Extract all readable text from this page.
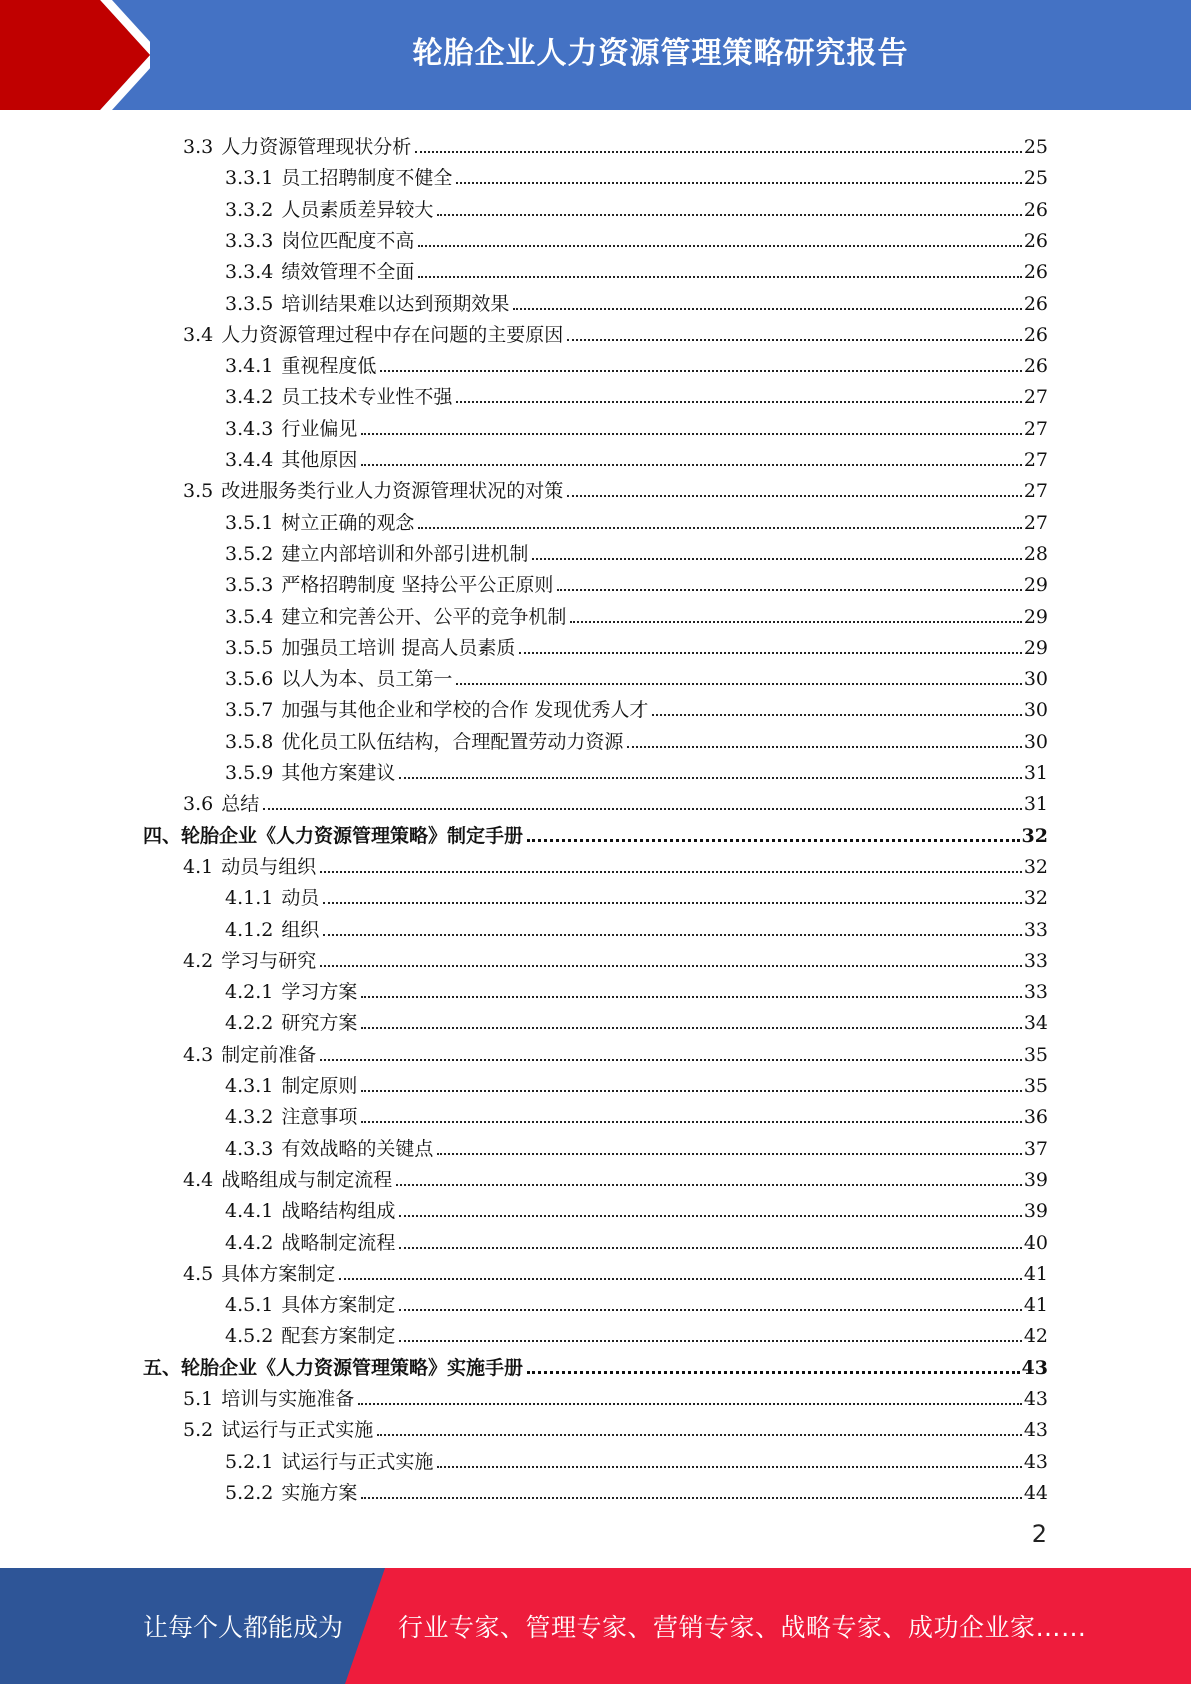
轮胎企业人力资源管理策略研究报告
3.3 人力资源管理现状分析	25
3.3.1 员工招聘制度不健全	25
3.3.2 人员素质差异较大	26
3.3.3 岗位匹配度不高	26
3.3.4 绩效管理不全面	26
3.3.5 培训结果难以达到预期效果	26
3.4 人力资源管理过程中存在问题的主要原因	26
3.4.1 重视程度低	26
3.4.2 员工技术专业性不强	27
3.4.3 行业偏见	27
3.4.4 其他原因	27
3.5 改进服务类行业人力资源管理状况的对策	27
3.5.1 树立正确的观念	27
3.5.2 建立内部培训和外部引进机制	28
3.5.3 严格招聘制度 坚持公平公正原则	29
3.5.4 建立和完善公开、公平的竞争机制	29
3.5.5 加强员工培训 提高人员素质	29
3.5.6 以人为本、员工第一	30
3.5.7 加强与其他企业和学校的合作 发现优秀人才	30
3.5.8 优化员工队伍结构，合理配置劳动力资源	30
3.5.9 其他方案建议	31
3.6 总结	31
四、 轮胎企业《人力资源管理策略》制定手册	32
4.1 动员与组织	32
4.1.1 动员	32
4.1.2 组织	33
4.2 学习与研究	33
4.2.1 学习方案	33
4.2.2 研究方案	34
4.3 制定前准备	35
4.3.1 制定原则	35
4.3.2 注意事项	36
4.3.3 有效战略的关键点	37
4.4 战略组成与制定流程	39
4.4.1 战略结构组成	39
4.4.2 战略制定流程	40
4.5 具体方案制定	41
4.5.1 具体方案制定	41
4.5.2 配套方案制定	42
五、 轮胎企业《人力资源管理策略》实施手册	43
5.1 培训与实施准备	43
5.2 试运行与正式实施	43
5.2.1 试运行与正式实施	43
5.2.2 实施方案	44
2
让每个人都能成为 行业专家、管理专家、营销专家、战略专家、成功企业家……
